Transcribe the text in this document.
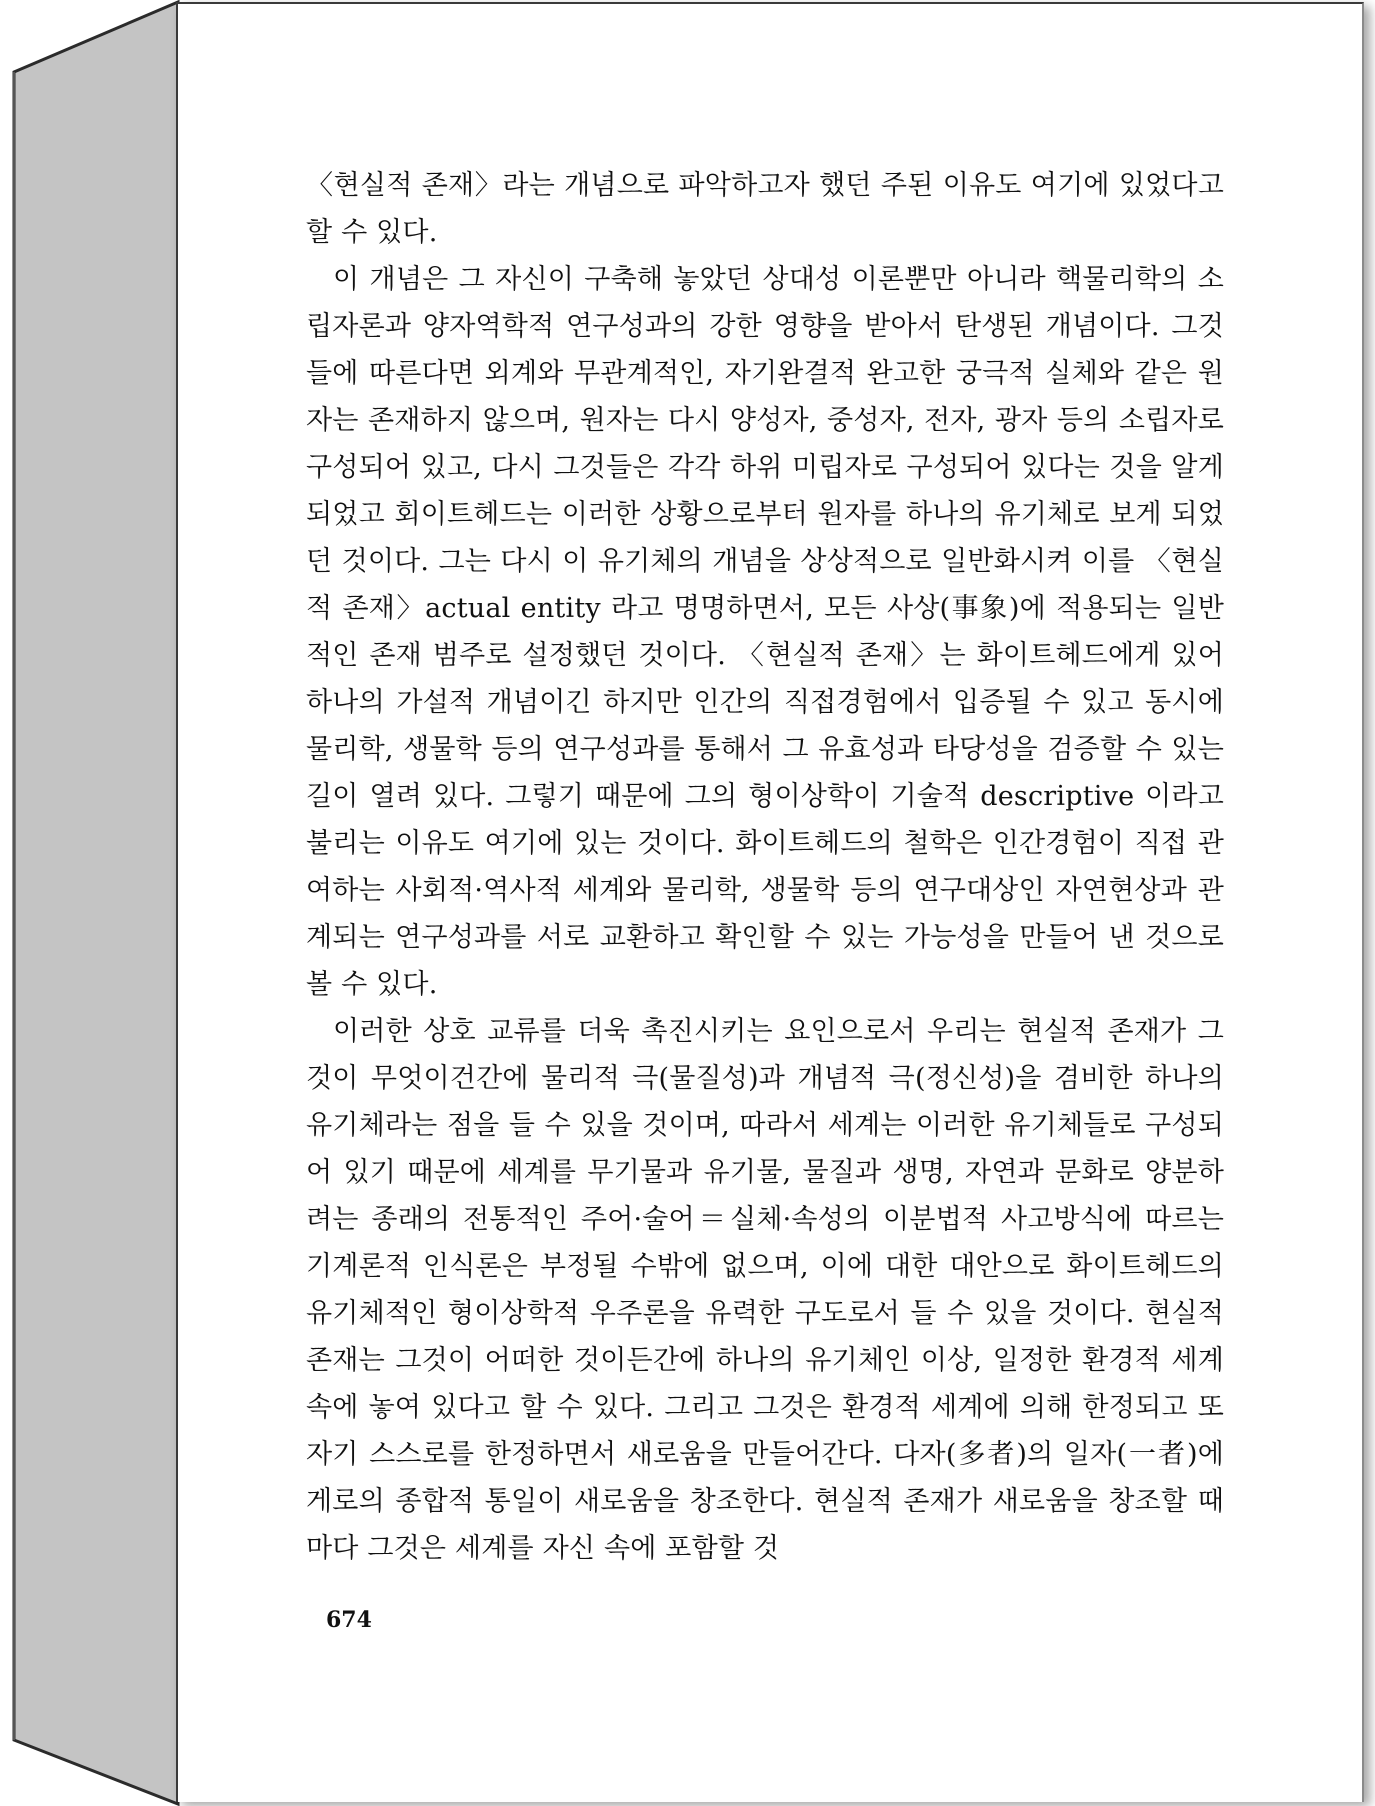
〈현실적 존재〉라는 개념으로 파악하고자 했던 주된 이유도 여기에 있었다고 할 수 있다.

이 개념은 그 자신이 구축해 놓았던 상대성 이론뿐만 아니라 핵물리학의 소립자론과 양자역학적 연구성과의 강한 영향을 받아서 탄생된 개념이다. 그것들에 따른다면 외계와 무관계적인, 자기완결적 완고한 궁극적 실체와 같은 원자는 존재하지 않으며, 원자는 다시 양성자, 중성자, 전자, 광자 등의 소립자로 구성되어 있고, 다시 그것들은 각각 하위 미립자로 구성되어 있다는 것을 알게 되었고 회이트헤드는 이러한 상황으로부터 원자를 하나의 유기체로 보게 되었던 것이다. 그는 다시 이 유기체의 개념을 상상적으로 일반화시켜 이를 〈현실적 존재〉actual entity 라고 명명하면서, 모든 사상(事象)에 적용되는 일반적인 존재 범주로 설정했던 것이다. 〈현실적 존재〉는 화이트헤드에게 있어 하나의 가설적 개념이긴 하지만 인간의 직접경험에서 입증될 수 있고 동시에 물리학, 생물학 등의 연구성과를 통해서 그 유효성과 타당성을 검증할 수 있는 길이 열려 있다. 그렇기 때문에 그의 형이상학이 기술적 descriptive 이라고 불리는 이유도 여기에 있는 것이다. 화이트헤드의 철학은 인간경험이 직접 관여하는 사회적·역사적 세계와 물리학, 생물학 등의 연구대상인 자연현상과 관계되는 연구성과를 서로 교환하고 확인할 수 있는 가능성을 만들어 낸 것으로 볼 수 있다.

이러한 상호 교류를 더욱 촉진시키는 요인으로서 우리는 현실적 존재가 그것이 무엇이건간에 물리적 극(물질성)과 개념적 극(정신성)을 겸비한 하나의 유기체라는 점을 들 수 있을 것이며, 따라서 세계는 이러한 유기체들로 구성되어 있기 때문에 세계를 무기물과 유기물, 물질과 생명, 자연과 문화로 양분하려는 종래의 전통적인 주어·술어＝실체·속성의 이분법적 사고방식에 따르는 기계론적 인식론은 부정될 수밖에 없으며, 이에 대한 대안으로 화이트헤드의 유기체적인 형이상학적 우주론을 유력한 구도로서 들 수 있을 것이다. 현실적 존재는 그것이 어떠한 것이든간에 하나의 유기체인 이상, 일정한 환경적 세계 속에 놓여 있다고 할 수 있다. 그리고 그것은 환경적 세계에 의해 한정되고 또 자기 스스로를 한정하면서 새로움을 만들어간다. 다자(多者)의 일자(一者)에게로의 종합적 통일이 새로움을 창조한다. 현실적 존재가 새로움을 창조할 때마다 그것은 세계를 자신 속에 포함할 것

674
